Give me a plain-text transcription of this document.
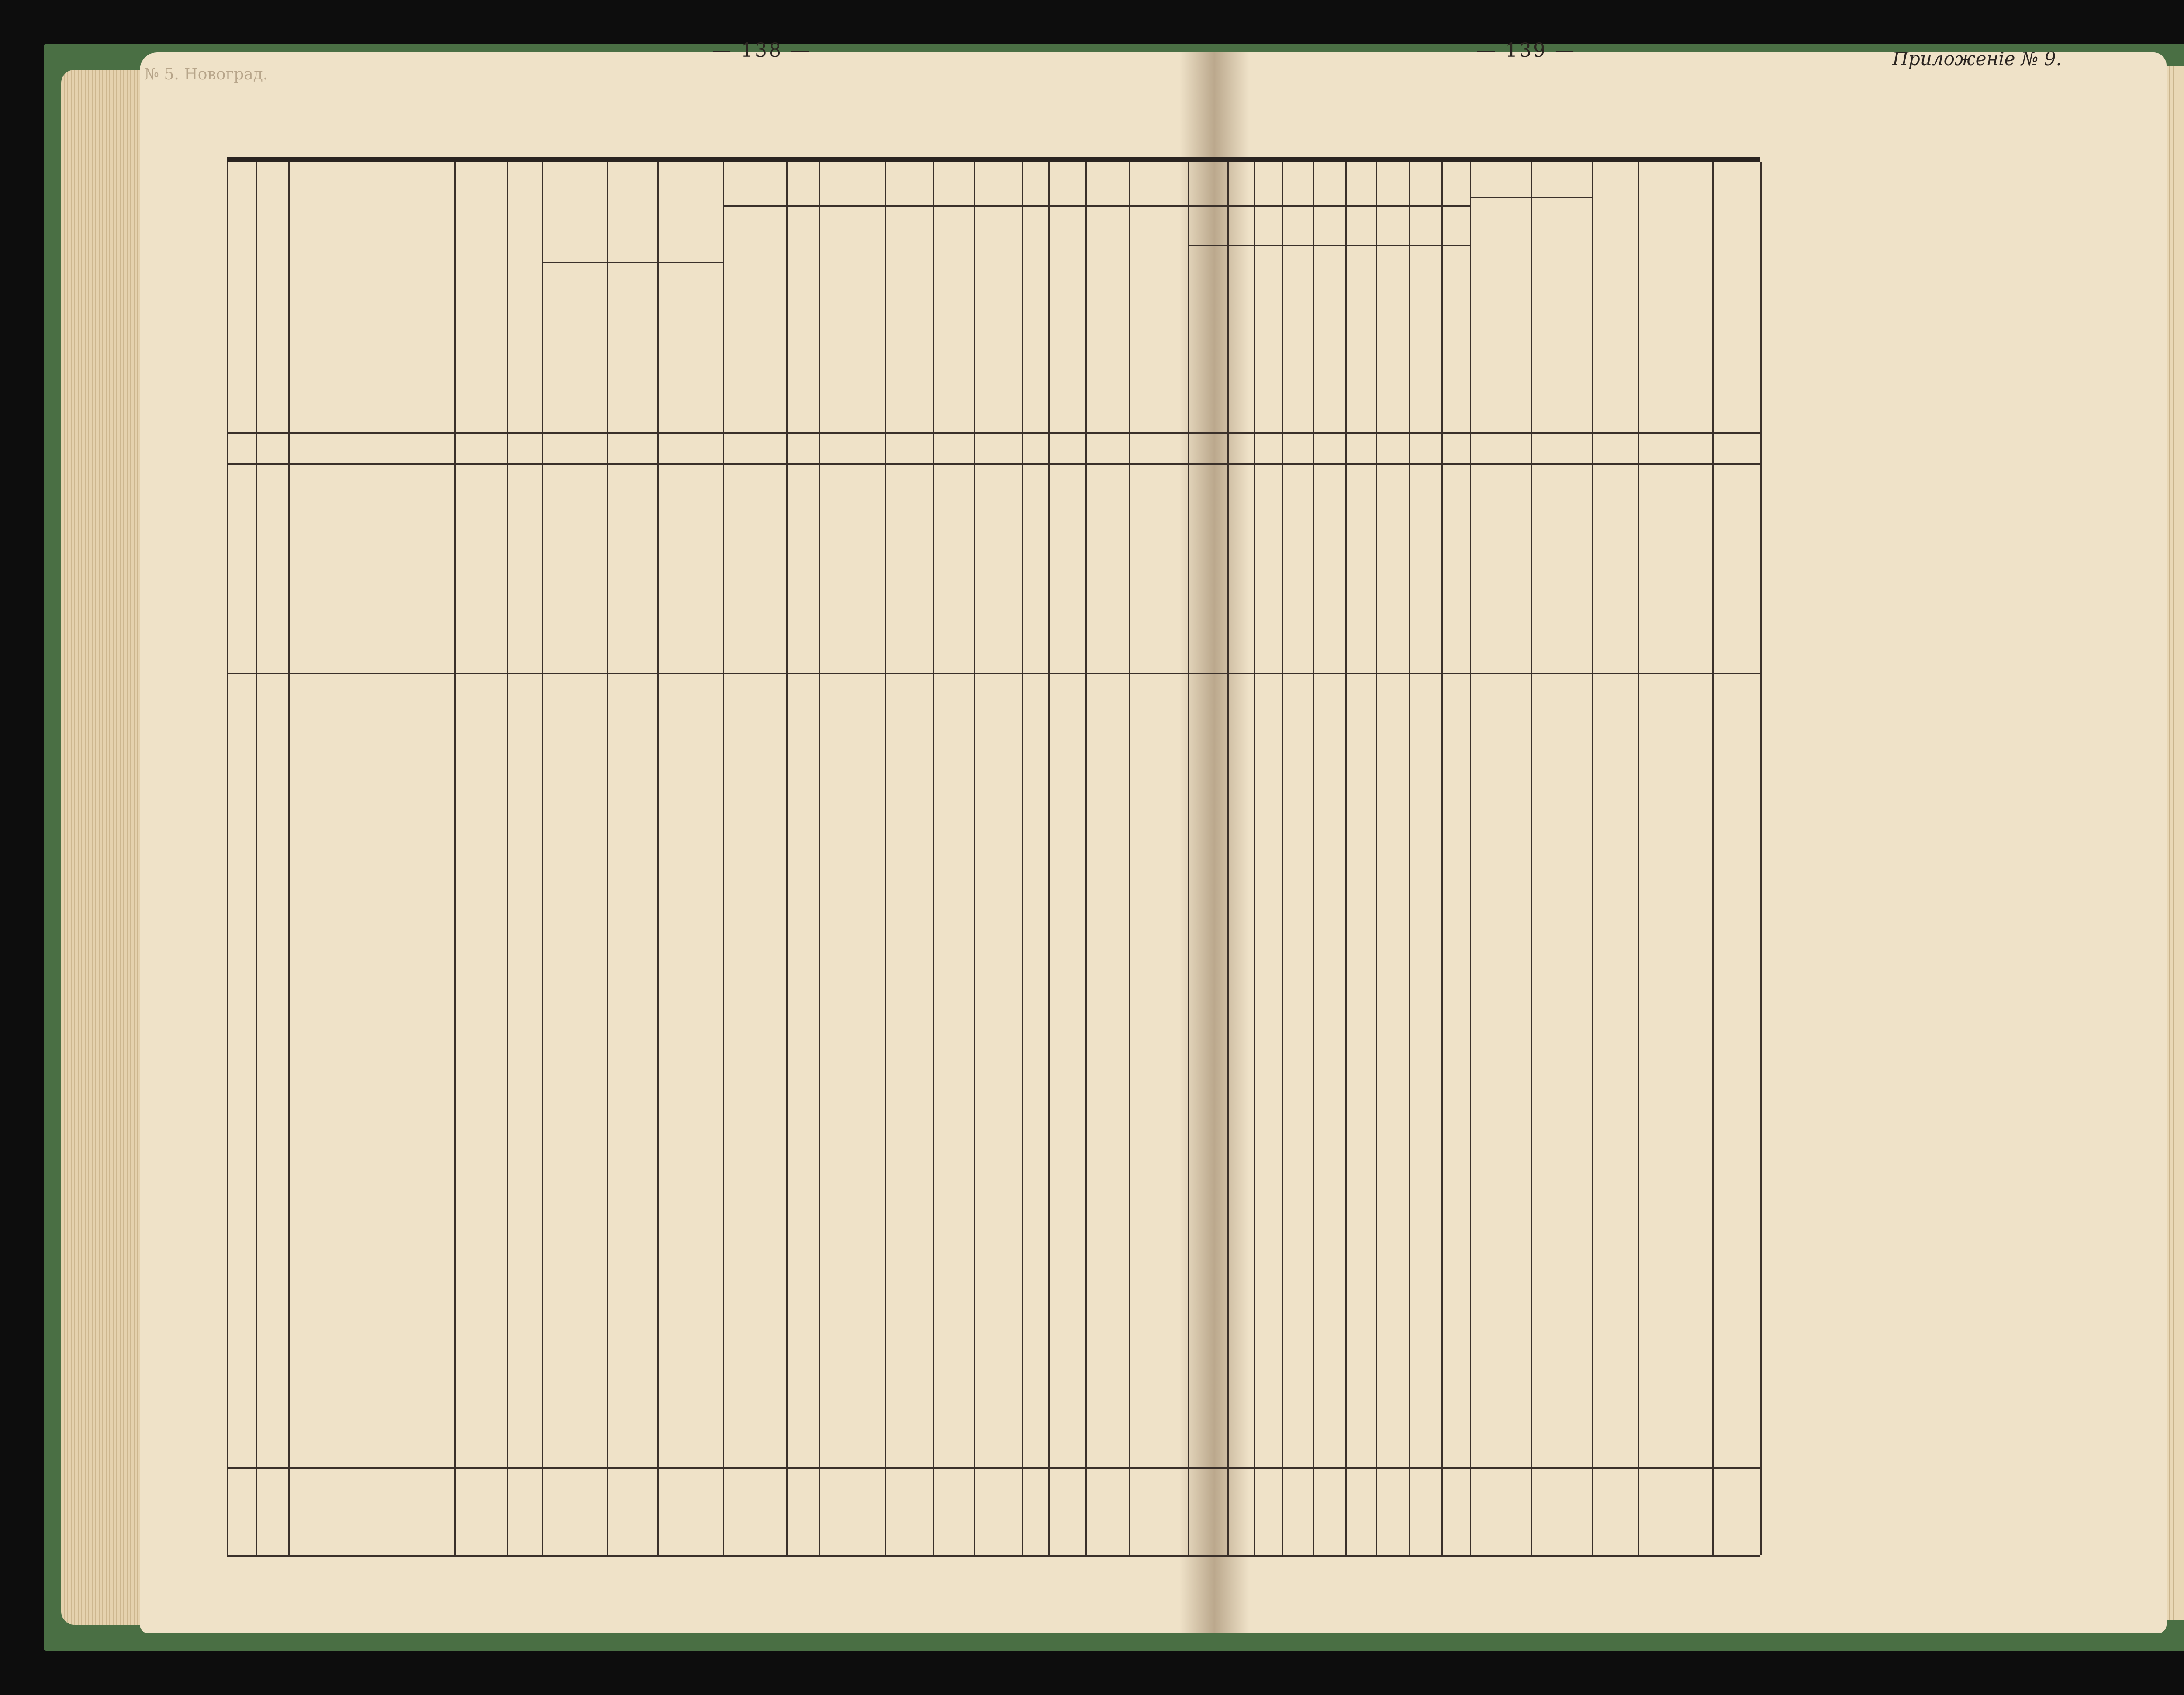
№ 5. Новоград.
— 138 —	— 139 —	Приложенiе № 9.
